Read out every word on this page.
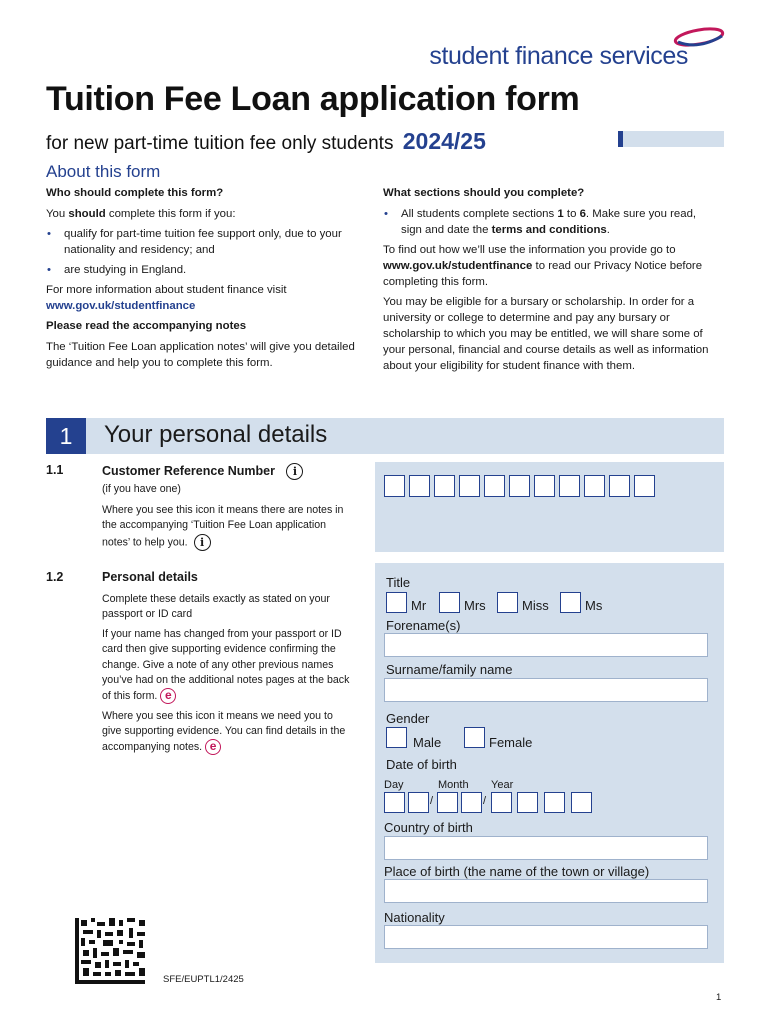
student finance services
Tuition Fee Loan application form
for new part-time tuition fee only students 2024/25
About this form

Who should complete this form?

You should complete this form if you:

• qualify for part-time tuition fee support only, due to your nationality and residency; and
• are studying in England.

For more information about student finance visit
www.gov.uk/studentfinance

Please read the accompanying notes

The ‘Tuition Fee Loan application notes’ will give you detailed guidance and help you to complete this form.

What sections should you complete?

• All students complete sections 1 to 6. Make sure you read, sign and date the terms and conditions.

To find out how we’ll use the information you provide go to www.gov.uk/studentfinance to read our Privacy Notice before completing this form.

You may be eligible for a bursary or scholarship. In order for a university or college to determine and pay any bursary or scholarship to which you may be entitled, we will share some of your personal, financial and course details as well as information about your eligibility for student finance with them.

1	Your personal details
1.1	Customer Reference Number i
(if you have one)
Where you see this icon it means there are notes in the accompanying ‘Tuition Fee Loan application notes’ to help you. i
1.2	Personal details

Complete these details exactly as stated on your passport or ID card

If your name has changed from your passport or ID card then give supporting evidence confirming the change. Give a note of any other previous names you’ve had on the additional notes pages at the back of this form. e

Where you see this icon it means we need you to give supporting evidence. You can find details in the accompanying notes. e

Title
Mr	Mrs	Miss	Ms
Forename(s)
Surname/family name
Gender
Male	Female
Date of birth
Day	Month Year
/	/
Country of birth
Place of birth (the name of the town or village)
Nationality
SFE/EUPTL1/2425
1
